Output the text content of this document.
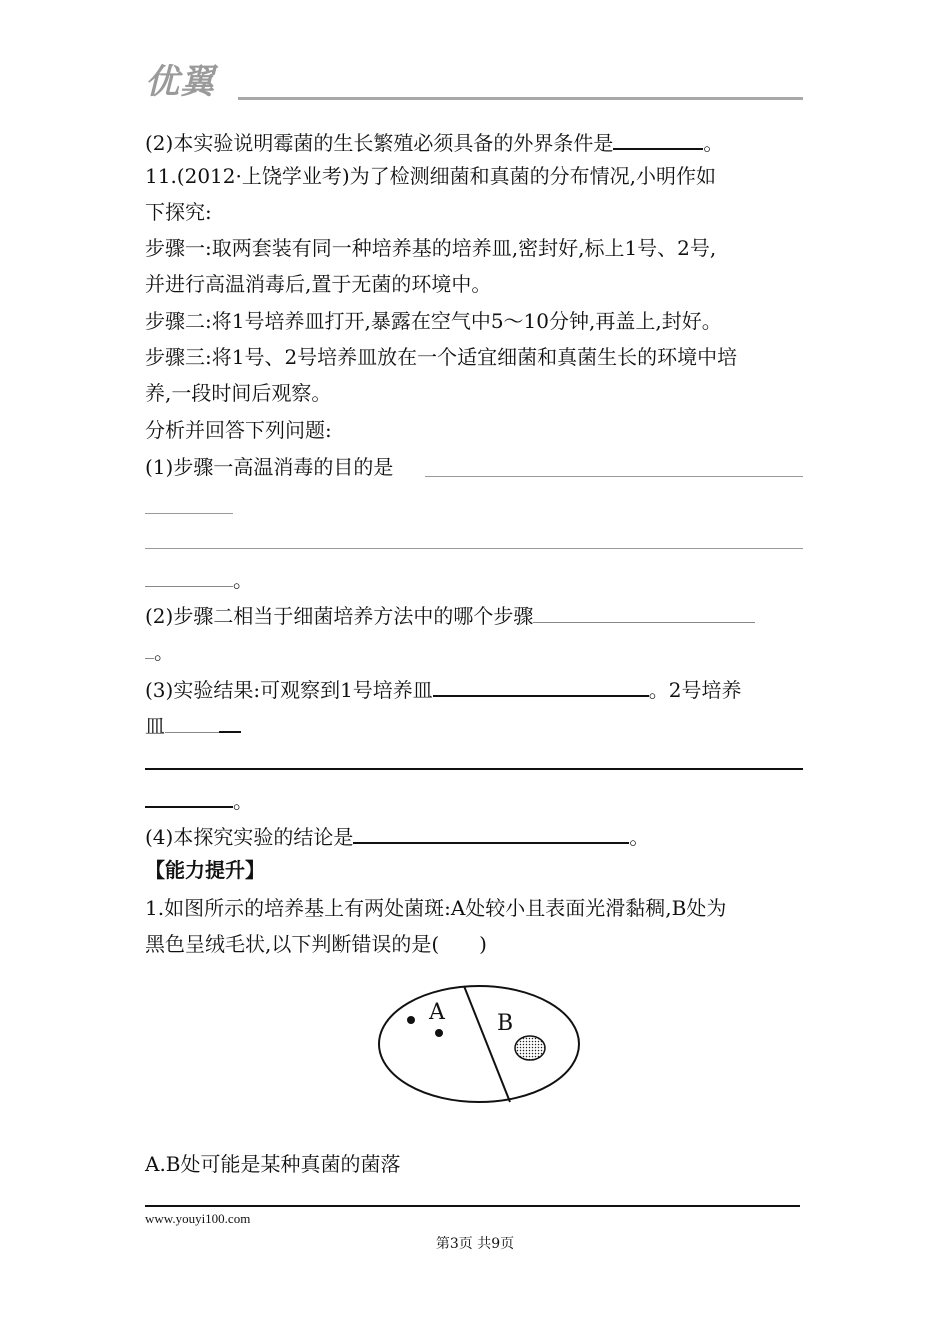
优翼
(2)本实验说明霉菌的生长繁殖必须具备的外界条件是	。
11.(2012·上饶学业考)为了检测细菌和真菌的分布情况,小明作如
下探究:
步骤一:取两套装有同一种培养基的培养皿,密封好,标上1号、2号,
并进行高温消毒后,置于无菌的环境中。
步骤二:将1号培养皿打开,暴露在空气中5～10分钟,再盖上,封好。
步骤三:将1号、2号培养皿放在一个适宜细菌和真菌生长的环境中培
养,一段时间后观察。
分析并回答下列问题:
(1)步骤一高温消毒的目的是
。
(2)步骤二相当于细菌培养方法中的哪个步骤
。
(3)实验结果:可观察到1号培养皿	。2号培养
皿
。
(4)本探究实验的结论是	。
【能力提升】
1.如图所示的培养基上有两处菌斑:A处较小且表面光滑黏稠,B处为
黑色呈绒毛状,以下判断错误的是(　　)
A B
A.B处可能是某种真菌的菌落
www.youyi100.com
第3页 共9页
